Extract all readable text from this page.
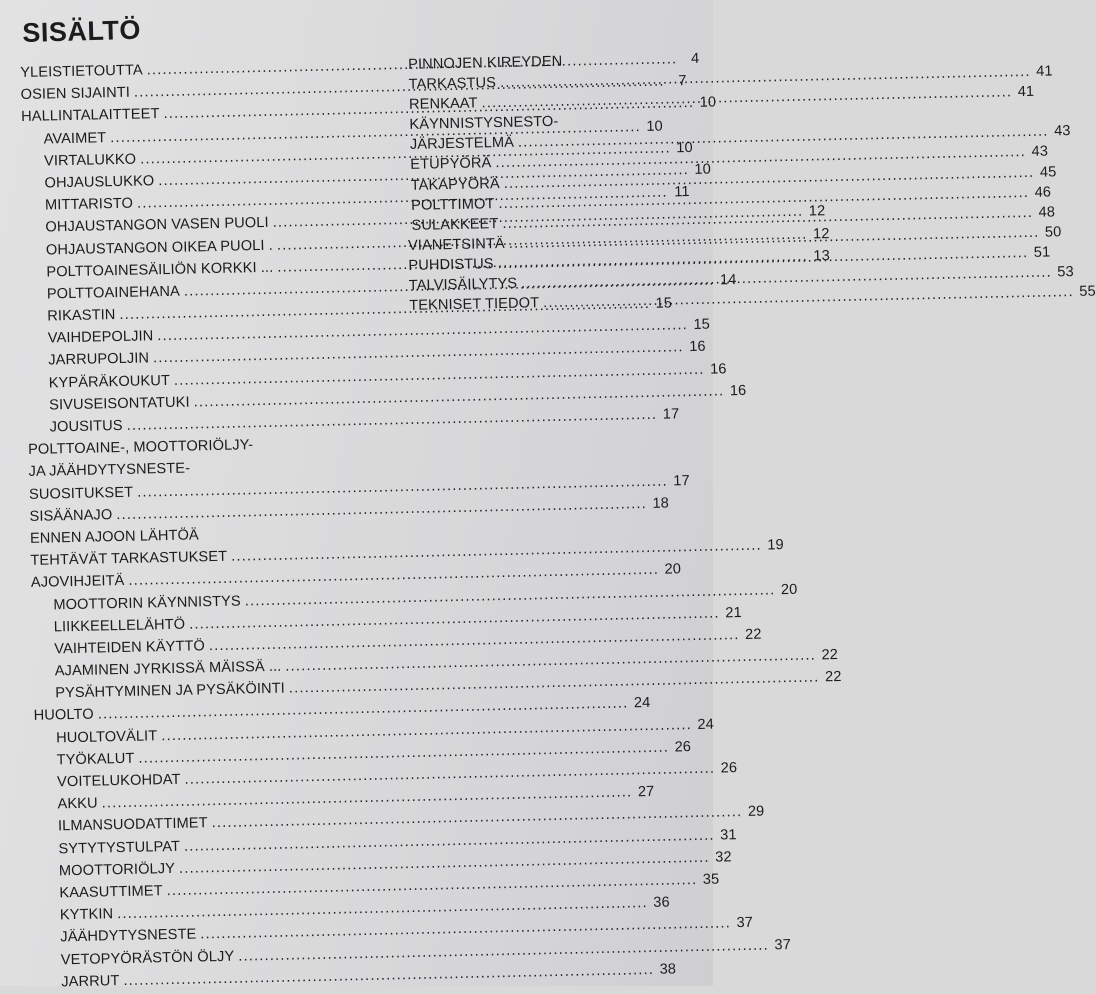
SISÄLTÖ
YLEISTIETOUTTA
.....
4
OSIEN SIJAINTI
.....
7
HALLINTALAITTEET
.....
10
AVAIMET
.....
10
VIRTALUKKO
.....
10
OHJAUSLUKKO
.....
10
MITTARISTO
.....
11
OHJAUSTANGON VASEN PUOLI
.....
12
OHJAUSTANGON OIKEA PUOLI .
.....
12
POLTTOAINESÄILIÖN KORKKI ...
.....
13
POLTTOAINEHANA
.....
14
RIKASTIN
.....
15
VAIHDEPOLJIN
.....
15
JARRUPOLJIN
.....
16
KYPÄRÄKOUKUT
.....
16
SIVUSEISONTATUKI
.....
16
JOUSITUS
.....
17
POLTTOAINE-, MOOTTORIÖLJY-
JA JÄÄHDYTYSNESTE-
SUOSITUKSET
.....
17
SISÄÄNAJO
.....
18
ENNEN AJOON LÄHTÖÄ
TEHTÄVÄT TARKASTUKSET
.....
19
AJOVIHJEITÄ
.....
20
MOOTTORIN KÄYNNISTYS
.....
20
LIIKKEELLELÄHTÖ
.....
21
VAIHTEIDEN KÄYTTÖ
.....
22
AJAMINEN JYRKISSÄ MÄISSÄ ...
.....
22
PYSÄHTYMINEN JA PYSÄKÖINTI
.....
22
HUOLTO
.....
24
HUOLTOVÄLIT
.....
24
TYÖKALUT
.....
26
VOITELUKOHDAT
.....
26
AKKU
.....
27
ILMANSUODATTIMET
.....
29
SYTYTYSTULPAT
.....
31
MOOTTORIÖLJY
.....
32
KAASUTTIMET
.....
35
KYTKIN
.....
36
JÄÄHDYTYSNESTE
.....
37
VETOPYÖRÄSTÖN ÖLJY
.....
37
JARRUT
.....
38
PINNOJEN KIREYDEN
TARKASTUS
.....
41
RENKAAT
.....
41
KÄYNNISTYSNESTO-
JÄRJESTELMÄ
.....
43
ETUPYÖRÄ
.....
43
TAKAPYÖRÄ
.....
45
POLTTIMOT
.....
46
SULAKKEET
.....
48
VIANETSINTÄ
.....
50
PUHDISTUS
.....
51
TALVISÄILYTYS
.....
53
TEKNISET TIEDOT
.....
55
